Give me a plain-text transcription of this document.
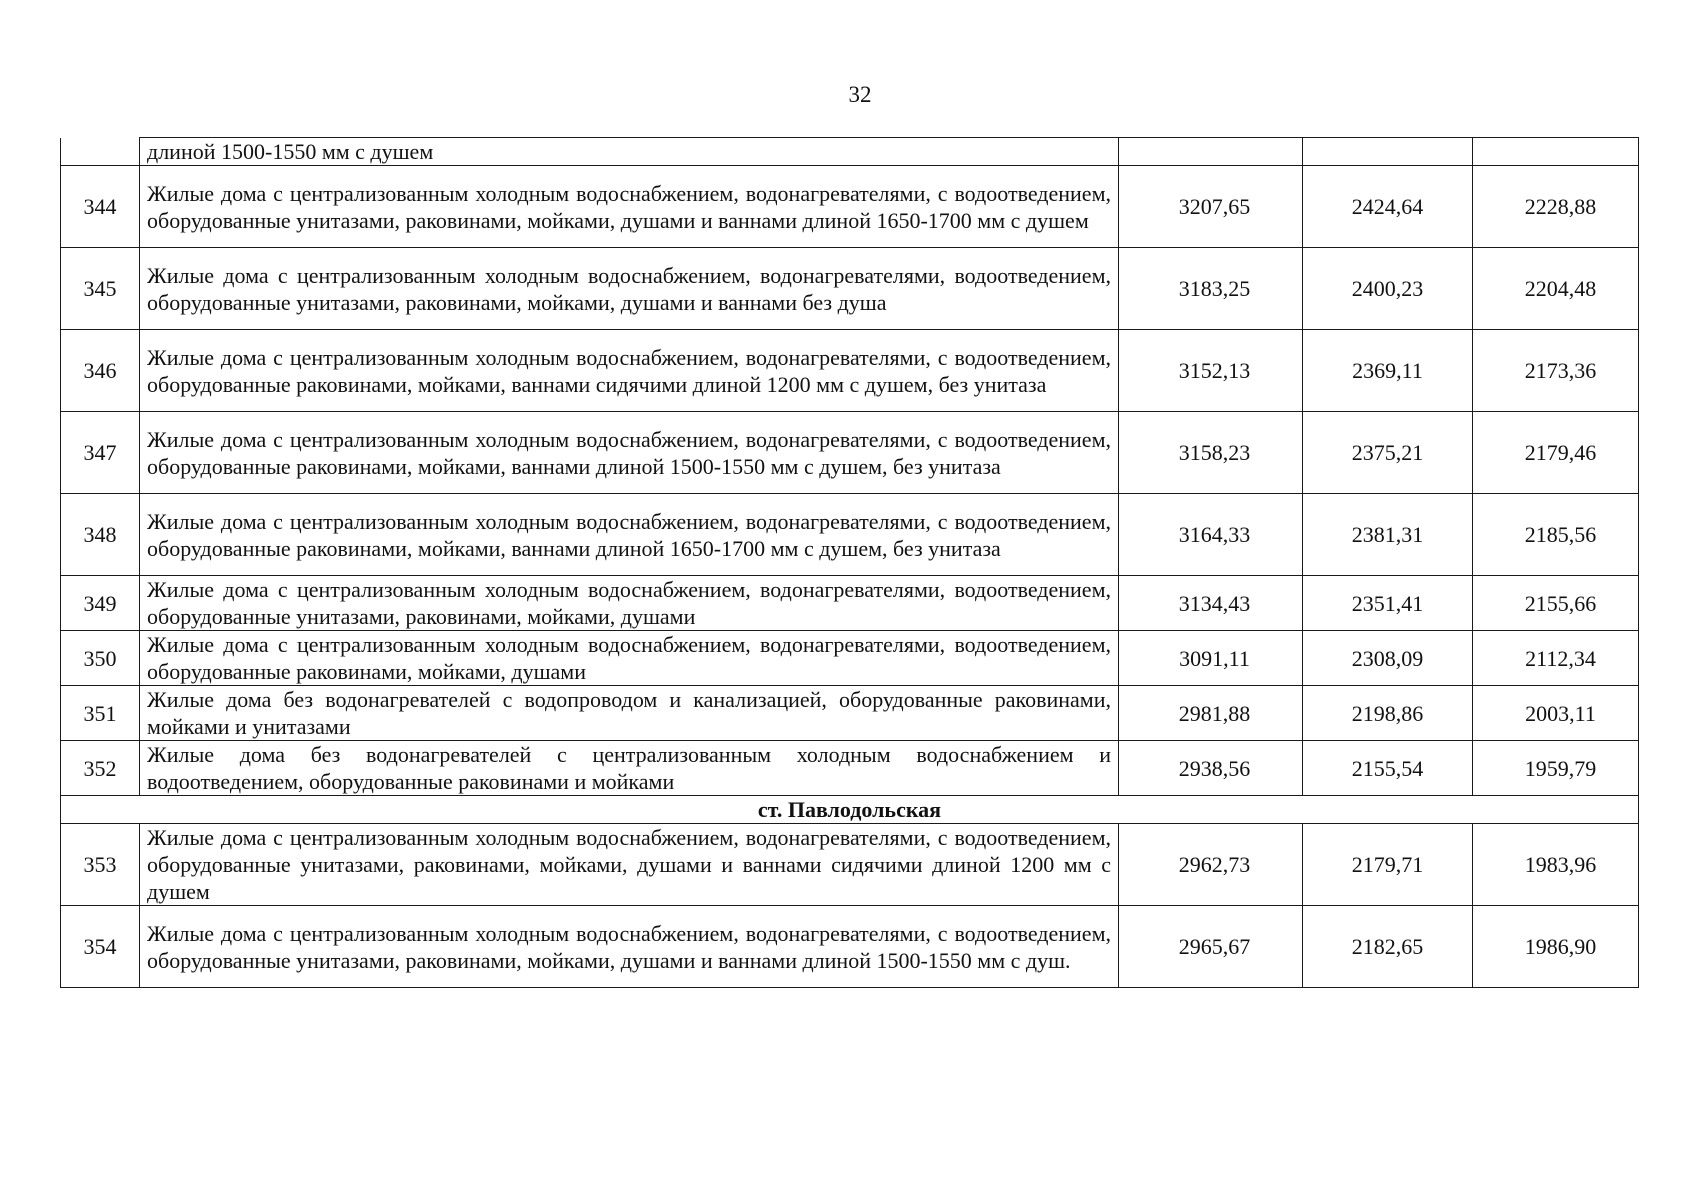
32
	длиной 1500-1550 мм с душем			
344	Жилые дома с централизованным холодным водоснабжением, водонагревателями, с водоотведением, оборудованные унитазами, раковинами, мойками, душами и ваннами длиной 1650-1700 мм с душем	3207,65	2424,64	2228,88
345	Жилые дома с централизованным холодным водоснабжением, водонагревателями, водоотведением, оборудованные унитазами, раковинами, мойками, душами и ваннами без душа	3183,25	2400,23	2204,48
346	Жилые дома с централизованным холодным водоснабжением, водонагревателями, с водоотведением, оборудованные раковинами, мойками, ваннами сидячими длиной 1200 мм с душем, без унитаза	3152,13	2369,11	2173,36
347	Жилые дома с централизованным холодным водоснабжением, водонагревателями, с водоотведением, оборудованные раковинами, мойками, ваннами длиной 1500-1550 мм с душем, без унитаза	3158,23	2375,21	2179,46
348	Жилые дома с централизованным холодным водоснабжением, водонагревателями, с водоотведением, оборудованные раковинами, мойками, ваннами длиной 1650-1700 мм с душем, без унитаза	3164,33	2381,31	2185,56
349	Жилые дома с централизованным холодным водоснабжением, водонагревателями, водоотведением, оборудованные унитазами, раковинами, мойками, душами	3134,43	2351,41	2155,66
350	Жилые дома с централизованным холодным водоснабжением, водонагревателями, водоотведением, оборудованные раковинами, мойками, душами	3091,11	2308,09	2112,34
351	Жилые дома без водонагревателей с водопроводом и канализацией, оборудованные раковинами, мойками и унитазами	2981,88	2198,86	2003,11
352	Жилые дома без водонагревателей с централизованным холодным водоснабжением и водоотведением, оборудованные раковинами и мойками	2938,56	2155,54	1959,79
ст. Павлодольская				
353	Жилые дома с централизованным холодным водоснабжением, водонагревателями, с водоотведением, оборудованные унитазами, раковинами, мойками, душами и ваннами сидячими длиной 1200 мм с душем	2962,73	2179,71	1983,96
354	Жилые дома с централизованным холодным водоснабжением, водонагревателями, с водоотведением, оборудованные унитазами, раковинами, мойками, душами и ваннами длиной 1500-1550 мм с душ.	2965,67	2182,65	1986,90
